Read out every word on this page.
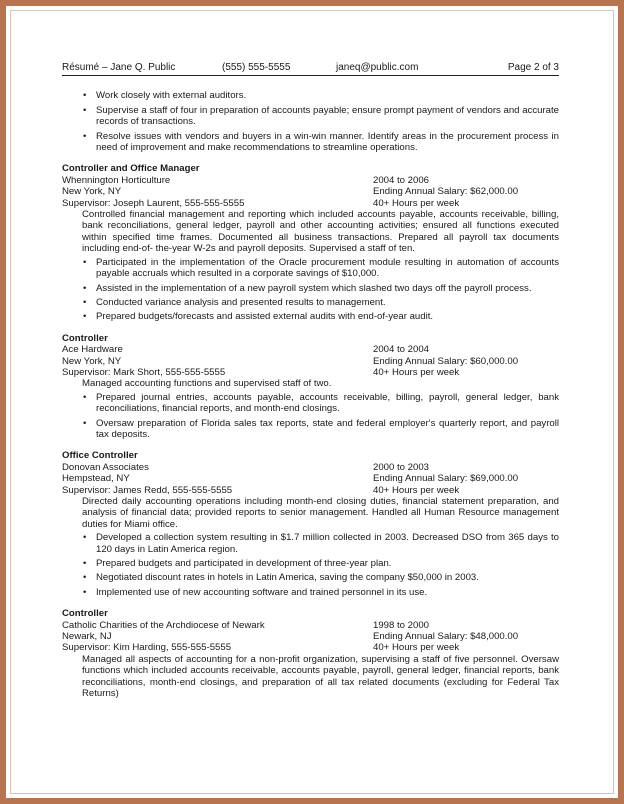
Résumé – Jane Q. Public	(555) 555-5555	janeq@public.com	Page 2 of 3
• Work closely with external auditors.
• Supervise a staff of four in preparation of accounts payable; ensure prompt payment of vendors and accurate records of transactions.
• Resolve issues with vendors and buyers in a win-win manner. Identify areas in the procurement process in need of improvement and make recommendations to streamline operations.
Controller and Office Manager
Whennington Horticulture	2004 to 2006
New York, NY	Ending Annual Salary: $62,000.00
Supervisor: Joseph Laurent, 555-555-5555	40+ Hours per week
Controlled financial management and reporting which included accounts payable, accounts receivable, billing, bank reconciliations, general ledger, payroll and other accounting activities; ensured all functions executed within specified time frames. Documented all business transactions. Prepared all payroll tax documents including end-of- the-year W-2s and payroll deposits. Supervised a staff of ten.
• Participated in the implementation of the Oracle procurement module resulting in automation of accounts payable accruals which resulted in a corporate savings of $10,000.
• Assisted in the implementation of a new payroll system which slashed two days off the payroll process.
• Conducted variance analysis and presented results to management.
• Prepared budgets/forecasts and assisted external audits with end-of-year audit.
Controller
Ace Hardware	2004 to 2004
New York, NY	Ending Annual Salary: $60,000.00
Supervisor: Mark Short, 555-555-5555	40+ Hours per week
Managed accounting functions and supervised staff of two.
• Prepared journal entries, accounts payable, accounts receivable, billing, payroll, general ledger, bank reconciliations, financial reports, and month-end closings.
• Oversaw preparation of Florida sales tax reports, state and federal employer's quarterly report, and payroll tax deposits.
Office Controller
Donovan Associates	2000 to 2003
Hempstead, NY	Ending Annual Salary: $69,000.00
Supervisor: James Redd, 555-555-5555	40+ Hours per week
Directed daily accounting operations including month-end closing duties, financial statement preparation, and analysis of financial data; provided reports to senior management. Handled all Human Resource management duties for Miami office.
• Developed a collection system resulting in $1.7 million collected in 2003. Decreased DSO from 365 days to 120 days in Latin America region.
• Prepared budgets and participated in development of three-year plan.
• Negotiated discount rates in hotels in Latin America, saving the company $50,000 in 2003.
• Implemented use of new accounting software and trained personnel in its use.
Controller
Catholic Charities of the Archdiocese of Newark	1998 to 2000
Newark, NJ	Ending Annual Salary: $48,000.00
Supervisor: Kim Harding, 555-555-5555	40+ Hours per week
Managed all aspects of accounting for a non-profit organization, supervising a staff of five personnel. Oversaw functions which included accounts receivable, accounts payable, payroll, general ledger, financial reports, bank reconciliations, month-end closings, and preparation of all tax related documents (excluding for Federal Tax Returns)
